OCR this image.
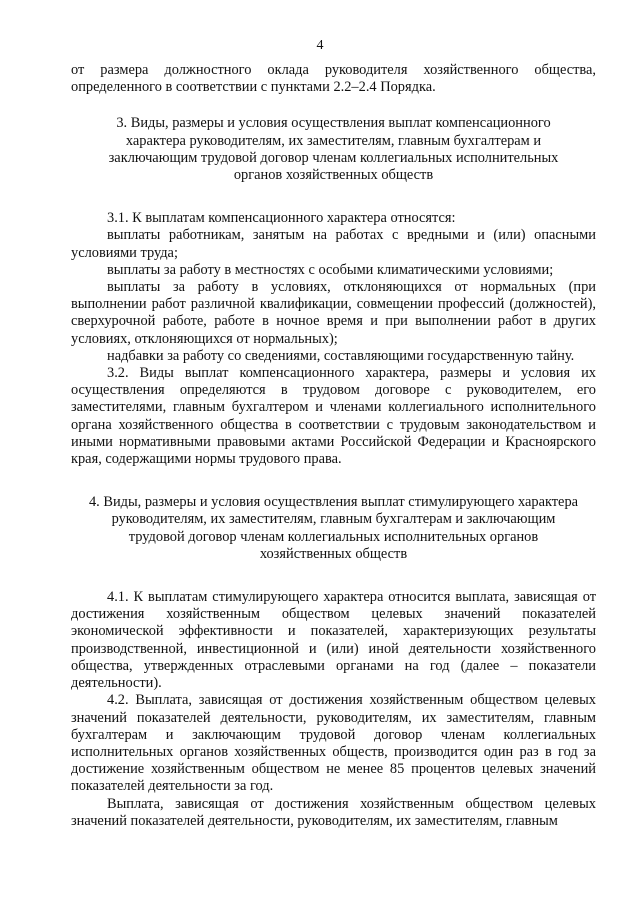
4

от размера должностного оклада руководителя хозяйственного общества, определенного в соответствии с пунктами 2.2–2.4 Порядка.

3. Виды, размеры и условия осуществления выплат компенсационного характера руководителям, их заместителям, главным бухгалтерам и заключающим трудовой договор членам коллегиальных исполнительных органов хозяйственных обществ

3.1. К выплатам компенсационного характера относятся:

выплаты работникам, занятым на работах с вредными и (или) опасными условиями труда;

выплаты за работу в местностях с особыми климатическими условиями;

выплаты за работу в условиях, отклоняющихся от нормальных (при выполнении работ различной квалификации, совмещении профессий (должностей), сверхурочной работе, работе в ночное время и при выполнении работ в других условиях, отклоняющихся от нормальных);

надбавки за работу со сведениями, составляющими государственную тайну.

3.2. Виды выплат компенсационного характера, размеры и условия их осуществления определяются в трудовом договоре с руководителем, его заместителями, главным бухгалтером и членами коллегиального исполнительного органа хозяйственного общества в соответствии с трудовым законодательством и иными нормативными правовыми актами Российской Федерации и Красноярского края, содержащими нормы трудового права.

4. Виды, размеры и условия осуществления выплат стимулирующего характера руководителям, их заместителям, главным бухгалтерам и заключающим трудовой договор членам коллегиальных исполнительных органов хозяйственных обществ

4.1. К выплатам стимулирующего характера относится выплата, зависящая от достижения хозяйственным обществом целевых значений показателей экономической эффективности и показателей, характеризующих результаты производственной, инвестиционной и (или) иной деятельности хозяйственного общества, утвержденных отраслевыми органами на год (далее – показатели деятельности).

4.2. Выплата, зависящая от достижения хозяйственным обществом целевых значений показателей деятельности, руководителям, их заместителям, главным бухгалтерам и заключающим трудовой договор членам коллегиальных исполнительных органов хозяйственных обществ, производится один раз в год за достижение хозяйственным обществом не менее 85 процентов целевых значений показателей деятельности за год.

Выплата, зависящая от достижения хозяйственным обществом целевых значений показателей деятельности, руководителям, их заместителям, главным
